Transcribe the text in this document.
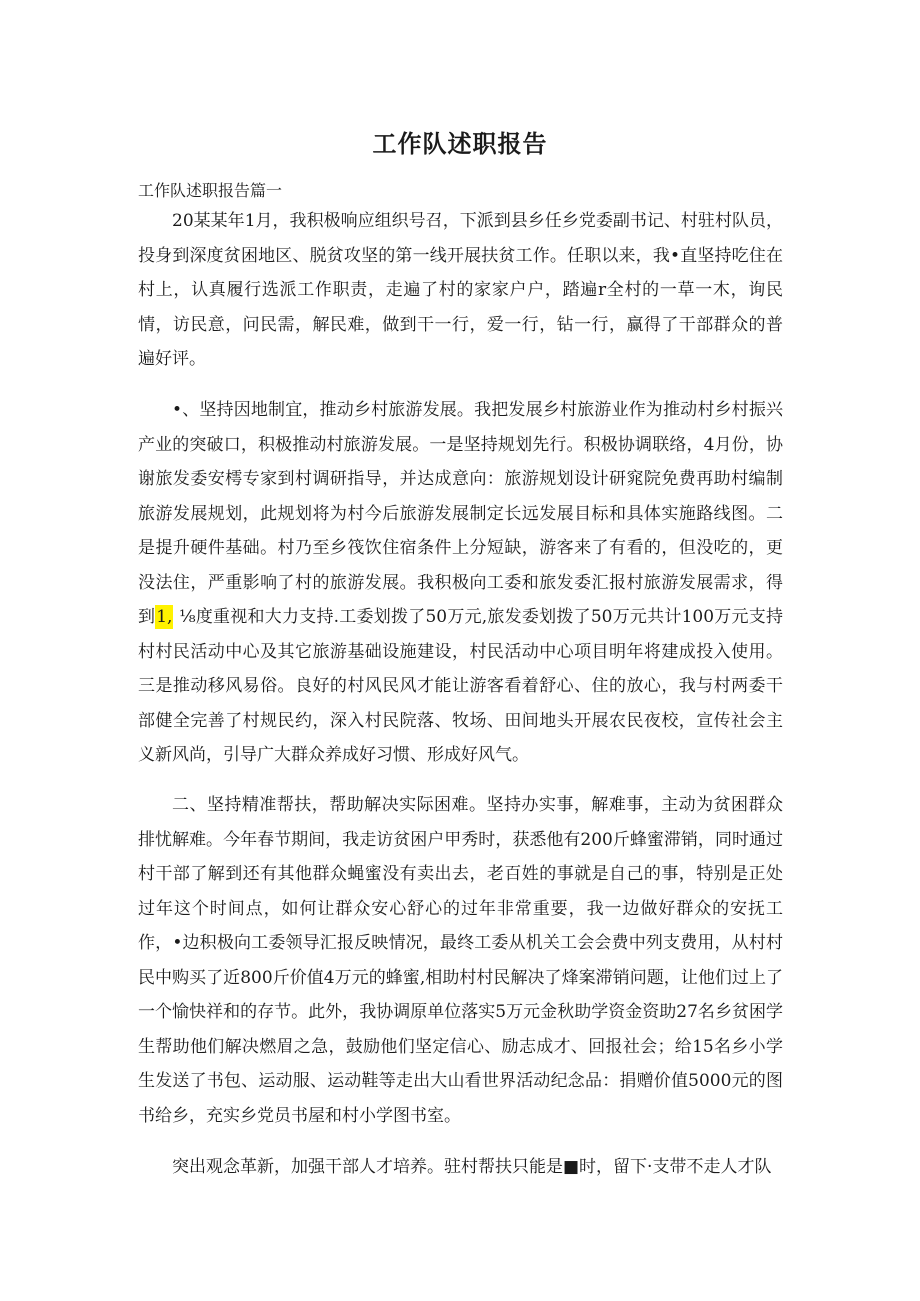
工作队述职报告

工作队述职报告篇一

20某某年1月，我积极响应组织号召，下派到县乡任乡党委副书记、村驻村队员，投身到深度贫困地区、脱贫攻坚的第一线开展扶贫工作。任职以来，我•直坚持吃住在村上，认真履行选派工作职责，走遍了村的家家户户，踏遍r全村的一草一木，询民情，访民意，问民需，解民难，做到干一行，爱一行，钻一行，赢得了干部群众的普遍好评。

•、坚持因地制宜，推动乡村旅游发展。我把发展乡村旅游业作为推动村乡村振兴产业的突破口，积极推动村旅游发展。一是坚持规划先行。积极协调联络，4月份，协谢旅发委安樗专家到村调研指导，并达成意向：旅游规划设计研窕院免费再助村编制旅游发展规划，此规划将为村今后旅游发展制定长远发展目标和具体实施路线图。二是提升硬件基础。村乃至乡筏饮住宿条件上分短缺，游客来了有看的，但没吃的，更没法住，严重影响了村的旅游发展。我积极向工委和旅发委汇报村旅游发展需求，得到1, ⅛度重视和大力支持.工委划拨了50万元,旅发委划拨了50万元共计100万元支持村村民活动中心及其它旅游基础设施建设，村民活动中心项目明年将建成投入使用。三是推动移风易俗。良好的村风民风才能让游客看着舒心、住的放心，我与村两委干部健全完善了村规民约，深入村民院落、牧场、田间地头开展农民夜校，宣传社会主义新风尚，引导广大群众养成好习惯、形成好风气。

二、坚持精准帮扶，帮助解决实际困难。坚持办实事，解难事，主动为贫困群众排忧解难。今年春节期间，我走访贫困户甲秀时，获悉他有200斤蜂蜜滞销，同时通过村干部了解到还有其他群众蝇蜜没有卖出去，老百姓的事就是自己的事，特别是正处过年这个时间点，如何让群众安心舒心的过年非常重要，我一边做好群众的安抚工作，•边积极向工委领导汇报反映情况，最终工委从机关工会会费中列支费用，从村村民中购买了近800斤价值4万元的蜂蜜,相助村村民解决了烽案滞销问题，让他们过上了一个愉快祥和的存节。此外，我协调原单位落实5万元金秋助学资金资助27名乡贫困学生帮助他们解决燃眉之急，鼓励他们坚定信心、励志成才、回报社会；给15名乡小学生发送了书包、运动服、运动鞋等走出大山看世界活动纪念品：捐赠价值5000元的图书给乡，充实乡党员书屋和村小学图书室。

突出观念革新，加强干部人才培养。驻村帮扶只能是■时，留下·支带不走人才队
